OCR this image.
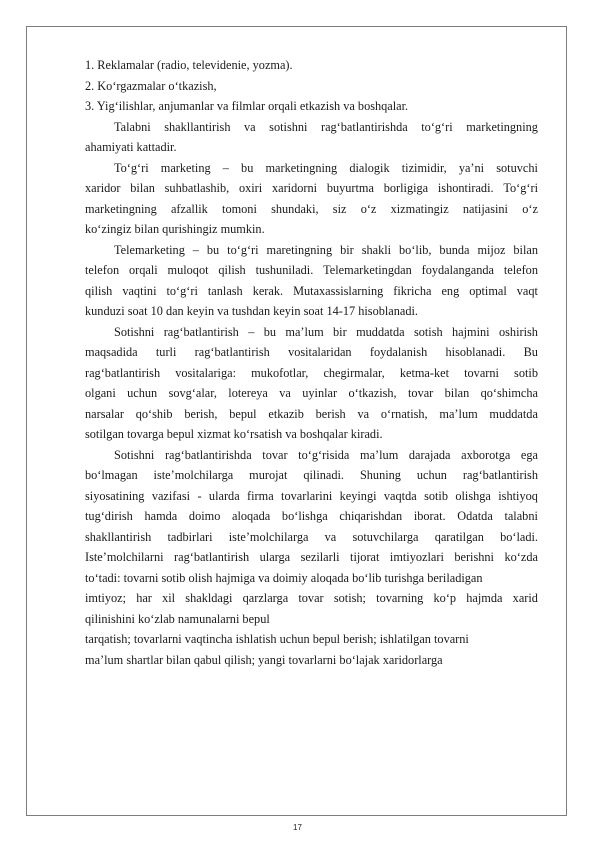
1. Reklamalar (radio, televidenie, yozma).
2. Ko‘rgazmalar o‘tkazish,
3. Yig‘ilishlar, anjumanlar va filmlar orqali etkazish va boshqalar.
Talabni shakllantirish va sotishni rag‘batlantirishda to‘g‘ri marketingning
ahamiyati kattadir.
To‘g‘ri marketing – bu marketingning dialogik tizimidir, ya’ni sotuvchi
xaridor bilan suhbatlashib, oxiri xaridorni buyurtma borligiga ishontiradi. To‘g‘ri
marketingning afzallik tomoni shundaki, siz o‘z xizmatingiz natijasini o‘z
ko‘zingiz bilan qurishingiz mumkin.
Telemarketing – bu to‘g‘ri maretingning bir shakli bo‘lib, bunda mijoz bilan
telefon orqali muloqot qilish tushuniladi. Telemarketingdan foydalanganda telefon
qilish vaqtini to‘g‘ri tanlash kerak. Mutaxassislarning fikricha eng optimal vaqt
kunduzi soat 10 dan keyin va tushdan keyin soat 14-17 hisoblanadi.
Sotishni rag‘batlantirish – bu ma’lum bir muddatda sotish hajmini oshirish
maqsadida turli rag‘batlantirish vositalaridan foydalanish hisoblanadi. Bu
rag‘batlantirish vositalariga: mukofotlar, chegirmalar, ketma-ket tovarni sotib
olgani uchun sovg‘alar, lotereya va uyinlar o‘tkazish, tovar bilan qo‘shimcha
narsalar qo‘shib berish, bepul etkazib berish va o‘rnatish, ma’lum muddatda
sotilgan tovarga bepul xizmat ko‘rsatish va boshqalar kiradi.
Sotishni rag‘batlantirishda tovar to‘g‘risida ma’lum darajada axborotga ega
bo‘lmagan iste’molchilarga murojat qilinadi. Shuning uchun rag‘batlantirish
siyosatining vazifasi - ularda firma tovarlarini keyingi vaqtda sotib olishga ishtiyoq
tug‘dirish hamda doimo aloqada bo‘lishga chiqarishdan iborat. Odatda talabni
shakllantirish tadbirlari iste’molchilarga va sotuvchilarga qaratilgan bo‘ladi.
Iste’molchilarni rag‘batlantirish ularga sezilarli tijorat imtiyozlari berishni ko‘zda
to‘tadi: tovarni sotib olish hajmiga va doimiy aloqada bo‘lib turishga beriladigan
imtiyoz; har xil shakldagi qarzlarga tovar sotish; tovarning ko‘p hajmda xarid
qilinishini ko‘zlab namunalarni bepul
tarqatish; tovarlarni vaqtincha ishlatish uchun bepul berish; ishlatilgan tovarni
ma’lum shartlar bilan qabul qilish; yangi tovarlarni bo‘lajak xaridorlarga
17
